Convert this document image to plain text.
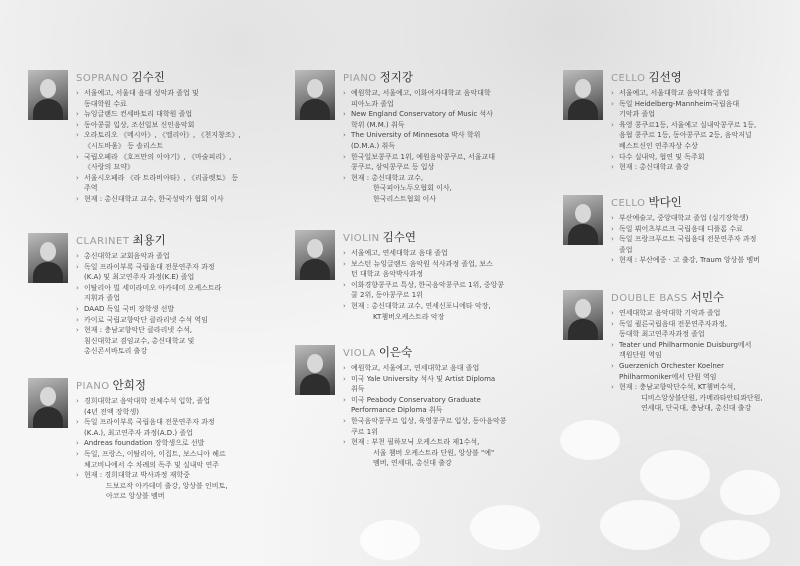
SOPRANO 김수진
› 서울예고, 서울대 음대 성악과 졸업 및
동대학원 수료
› 뉴잉글랜드 컨세바토리 대학원 졸업
› 동아콩쿨 입상, 조선일보 신인음악회
› 오라토리오 《메시아》, 《엘리아》, 《천지창조》,
《시도바움》 등 솔리스트
› 국립오페라 《호프만의 이야기》, 《마술피리》,
《사랑의 묘약》
› 서울시오페라 《라 트라비아타》, 《리골렛토》 등
주역
› 현재 : 총신대학교 교수, 한국성악가 협회 이사
CLARINET 최용기
› 총신대학교 교회음악과 졸업
› 독일 프라이부록 국립음대 전문연주자 과정
(K.A) 및 최고연주자 과정(K.E) 졸업
› 이탈리아 빌 세미라미오 아카데미 오케스트라
지휘과 졸업
› DAAD 독일 국비 장학생 선발
› 카이로 국립교향악단 클라리넷 수석 역임
› 현재 : 충남교향악단 클라리넷 수석,
침신대학교 겸임교수, 총신대학교 및
총신콘서바토리 출강
PIANO 안희정
› 경희대학교 음악대학 전체수석 입학, 졸업
(4년 전액 장학생)
› 독일 프라이부록 국립음대 전문연주자 과정
(K.A.), 최고연주자 과정(A.D.) 졸업
› Andreas foundation 장학생으로 선발
› 독일, 프랑스, 이탈리아, 이집트, 보스니아 헤르
체고비나에서 수 차례의 독주 및 실내악 연주
› 현재 : 경희대학교 박사과정 재학중
드보르작 아카데미 출강, 앙상블 인비토,
아코르 앙상블 멤버
PIANO 정지강
› 예원학교, 서울예고, 이화여자대학교 음악대학
피아노과 졸업
› New England Conservatory of Music 석사
학위 (M.M.) 취득
› The University of Minnesota 박사 학위
(D.M.A.) 취득
› 한국일보콩쿠르 1위, 예원음악콩쿠르, 서울교대
콩쿠르, 삼익콩쿠르 등 입상
› 현재 : 총신대학교 교수,
한국피아노두오협회 이사,
한국리스트협회 이사
VIOLIN 김수연
› 서울예고, 연세대학교 음대 졸업
› 보스턴 뉴잉글랜드 음악원 석사과정 졸업, 보스
턴 대학교 음악박사과정
› 이화경향콩쿠르 특상, 한국음악콩쿠르 1위, 중앙콩
쿨 2위, 동아콩쿠르 1위
› 현재 : 총신대학교 교수, 연세신포니에타 악장,
KT챔버오케스트라 악장
VIOLA 이은숙
› 예원학교, 서울예고, 연세대학교 음대 졸업
› 미국 Yale University 석사 및 Artist Diploma
취득
› 미국 Peabody Conservatory Graduate
Performance Diploma 취득
› 한국음악콩쿠르 입상, 육영콩쿠르 입상, 동아음악콩
쿠르 1위
› 현재 : 부천 필하모닉 오케스트라 제1수석,
서울 챔버 오케스트라 단원, 앙상블 "예"
멤버, 연세대, 총신대 출강
CELLO 김선영
› 서울예고, 서울대학교 음악대학 졸업
› 독일 Heidelberg-Mannheim국립음대
기악과 졸업
› 육영 콩쿠르1등, 서울예고 실내악콩쿠르 1등,
음협 콩쿠르 1등, 동아콩쿠르 2등, 음악저널
베스트신인 연주자상 수상
› 다수 실내악, 협연 및 독주회
› 현재 : 총신대학교 출강
CELLO 박다인
› 부산예술고, 중앙대학교 졸업 (실기장학생)
› 독일 뷔어츠부르크 국립음대 디플롬 수료
› 독일 프랑크푸르트 국립음대 전문연주자 과정
졸업
› 현재 : 부산예중 · 고 출강, Traum 앙상블 멤버
DOUBLE BASS 서민수
› 연세대학교 음악대학 기악과 졸업
› 독일 퀼른국립음대 전문연주자과정,
동대학 최고연주자과정 졸업
› Teater und Philharmonie Duisburg에서
객원단원 역임
› Guerzenich Orchester Koelner
Philharmoniker에서 단원 역임
› 현재 : 충남교향악단수석, KT챔버수석,
디비스앙상블단원, 카메라타안티콰단원,
연세대, 단국대, 충남대, 총신대 출강
